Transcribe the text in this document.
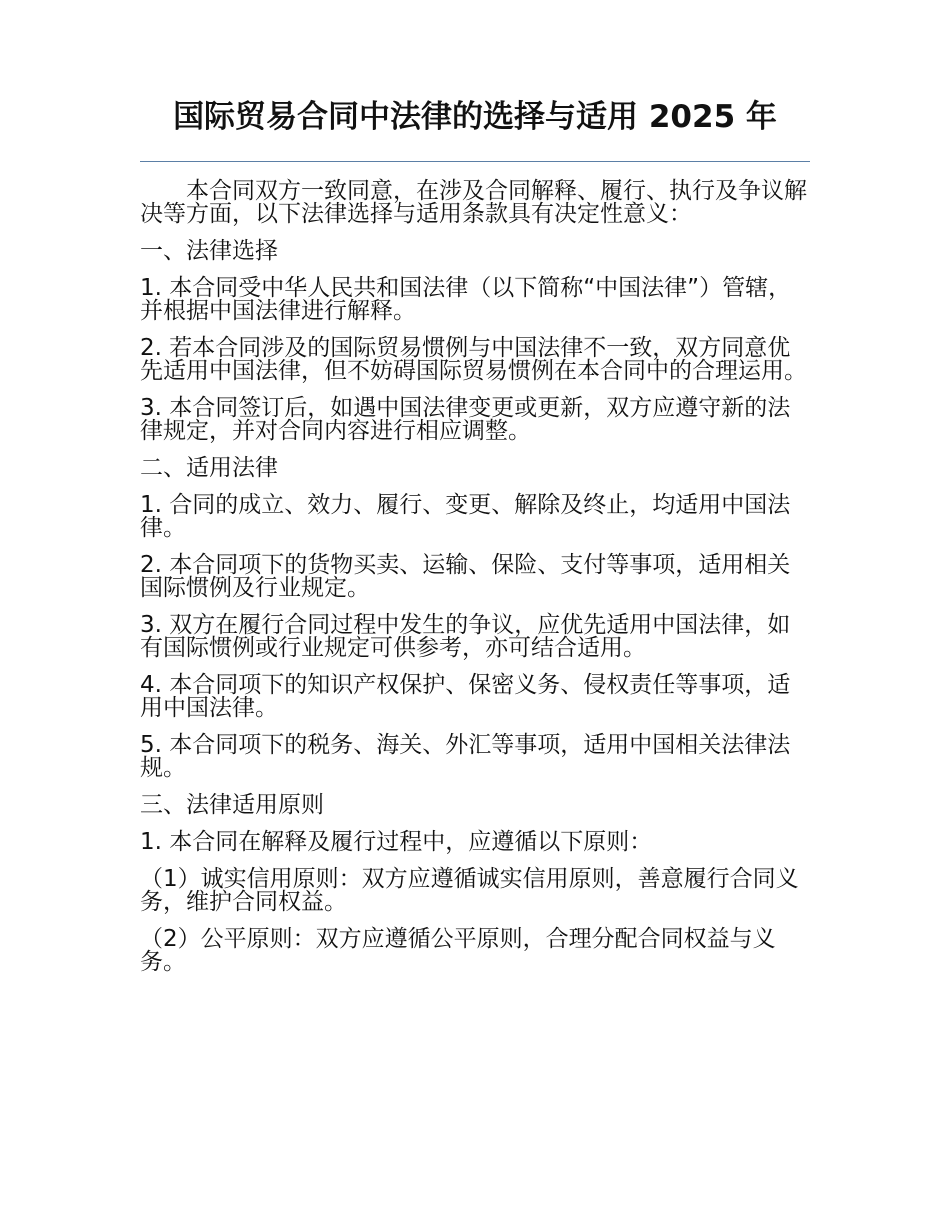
国际贸易合同中法律的选择与适用 2025 年

本合同双方一致同意，在涉及合同解释、履行、执行及争议解决等方面，以下法律选择与适用条款具有决定性意义：

一、法律选择

1. 本合同受中华人民共和国法律（以下简称“中国法律”）管辖，并根据中国法律进行解释。

2. 若本合同涉及的国际贸易惯例与中国法律不一致，双方同意优先适用中国法律，但不妨碍国际贸易惯例在本合同中的合理运用。

3. 本合同签订后，如遇中国法律变更或更新，双方应遵守新的法律规定，并对合同内容进行相应调整。

二、适用法律

1. 合同的成立、效力、履行、变更、解除及终止，均适用中国法律。

2. 本合同项下的货物买卖、运输、保险、支付等事项，适用相关国际惯例及行业规定。

3. 双方在履行合同过程中发生的争议，应优先适用中国法律，如有国际惯例或行业规定可供参考，亦可结合适用。

4. 本合同项下的知识产权保护、保密义务、侵权责任等事项，适用中国法律。

5. 本合同项下的税务、海关、外汇等事项，适用中国相关法律法规。

三、法律适用原则

1. 本合同在解释及履行过程中，应遵循以下原则：

（1）诚实信用原则：双方应遵循诚实信用原则，善意履行合同义务，维护合同权益。

（2）公平原则：双方应遵循公平原则，合理分配合同权益与义务。
